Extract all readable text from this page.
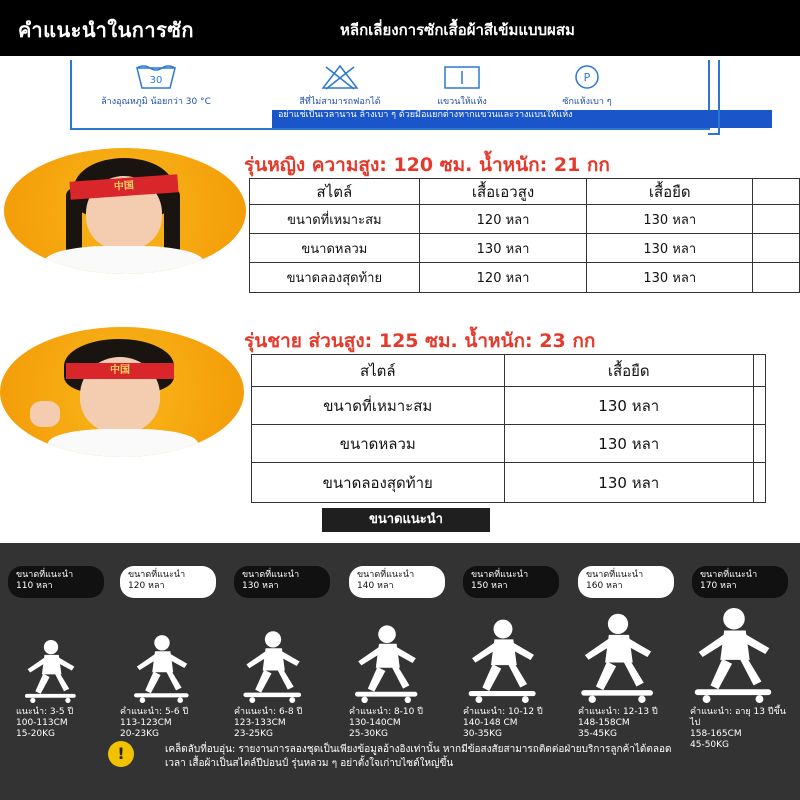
คำแนะนำในการซัก	หลีกเลี่ยงการซักเสื้อผ้าสีเข้มแบบผสม
30
ล้างอุณหภูมิ น้อยกว่า 30 °C	สีที่ไม่สามารถฟอกได้	แขวนให้แห้ง
P
ซักแห้งเบา ๆ
อย่าแช่เป็นเวลานาน ล้างเบา ๆ ด้วยมือแยกต่างหากแขวนและวางแบนให้แห้ง
中国
รุ่นหญิง ความสูง: 120 ซม. น้ำหนัก: 21 กก
สไตล์	เสื้อเอวสูง	เสื้อยืด	
ขนาดที่เหมาะสม	120 หลา	130 หลา	
ขนาดหลวม	130 หลา	130 หลา	
ขนาดลองสุดท้าย	120 หลา	130 หลา	
中国
รุ่นชาย ส่วนสูง: 125 ซม. น้ำหนัก: 23 กก
สไตล์	เสื้อยืด	
ขนาดที่เหมาะสม	130 หลา	
ขนาดหลวม	130 หลา	
ขนาดลองสุดท้าย	130 หลา	
ขนาดแนะนำ
ขนาดที่แนะนำ
110 หลา
ขนาดที่แนะนำ
120 หลา
ขนาดที่แนะนำ
130 หลา
ขนาดที่แนะนำ
140 หลา
ขนาดที่แนะนำ
150 หลา
ขนาดที่แนะนำ
160 หลา
ขนาดที่แนะนำ
170 หลา
แนะนำ: 3-5 ปี
100-113CM
15-20KG
คำแนะนำ: 5-6 ปี
113-123CM
20-23KG
คำแนะนำ: 6-8 ปี
123-133CM
23-25KG
คำแนะนำ: 8-10 ปี
130-140CM
25-30KG
คำแนะนำ: 10-12 ปี
140-148 CM
30-35KG
คำแนะนำ: 12-13 ปี
148-158CM
35-45KG
คำแนะนำ: อายุ 13 ปีขึ้นไป
158-165CM
45-50KG
!	เคล็ดลับที่อบอุ่น: รายงานการลองชุดเป็นเพียงข้อมูลอ้างอิงเท่านั้น หากมีข้อสงสัยสามารถติดต่อฝ่ายบริการลูกค้าได้ตลอดเวลา เสื้อผ้าเป็นสไตล์ปีปอนป์ รุ่นหลวม ๆ อย่าตั้งใจเก่าบไซต์ใหญ่ขึ้น
